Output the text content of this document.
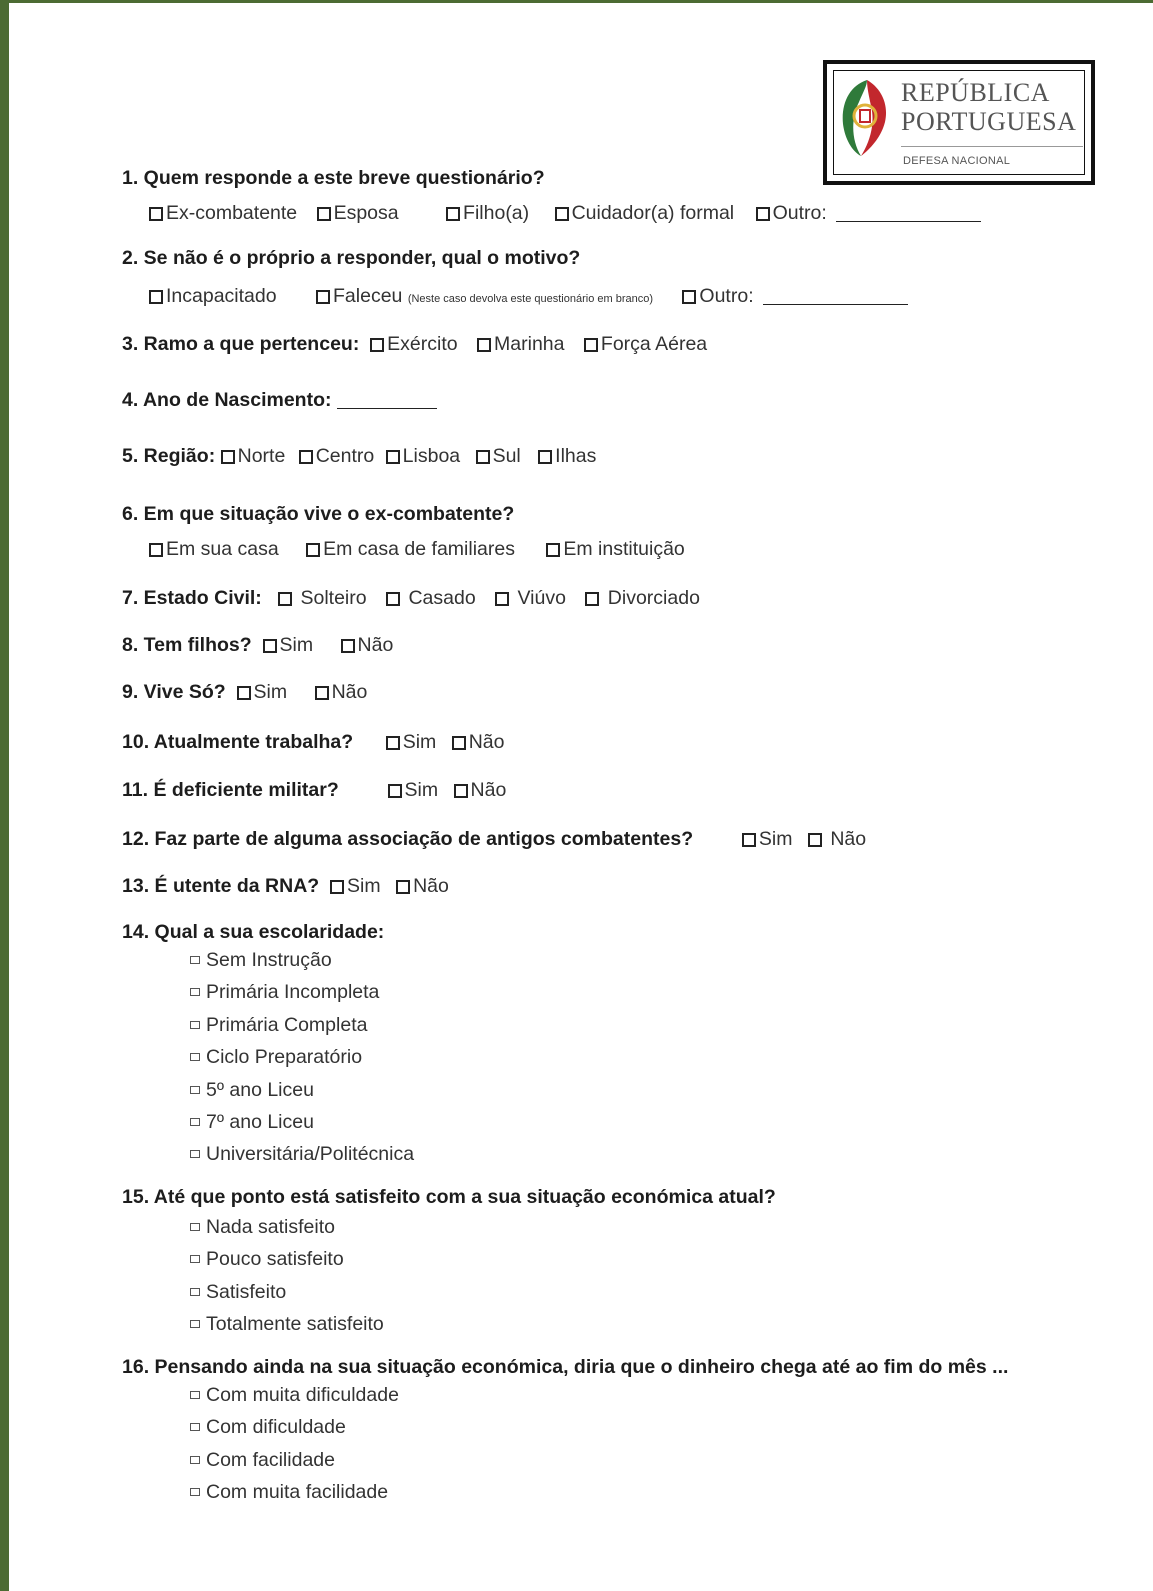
REPÚBLICA
PORTUGUESA
DEFESA NACIONAL
1. Quem responde a este breve questionário?
Ex-combatente Esposa	Filho(a) Cuidador(a) formal Outro:
2. Se não é o próprio a responder, qual o motivo?
Incapacitado	Faleceu (Neste caso devolva este questionário em branco) Outro:
3. Ramo a que pertenceu: Exército Marinha Força Aérea
4. Ano de Nascimento:
5. Região: Norte Centro Lisboa Sul Ilhas
6. Em que situação vive o ex-combatente?
Em sua casa Em casa de familiares Em instituição
7. Estado Civil: Solteiro Casado Viúvo Divorciado
8. Tem filhos? Sim Não
9. Vive Só? Sim Não
10. Atualmente trabalha?	Sim Não
11. É deficiente militar?	Sim Não
12. Faz parte de alguma associação de antigos combatentes?	Sim Não
13. É utente da RNA? Sim Não
14. Qual a sua escolaridade:
Sem Instrução
Primária Incompleta
Primária Completa
Ciclo Preparatório
5º ano Liceu
7º ano Liceu
Universitária/Politécnica
15. Até que ponto está satisfeito com a sua situação económica atual?
Nada satisfeito
Pouco satisfeito
Satisfeito
Totalmente satisfeito
16. Pensando ainda na sua situação económica, diria que o dinheiro chega até ao fim do mês ...
Com muita dificuldade
Com dificuldade
Com facilidade
Com muita facilidade
